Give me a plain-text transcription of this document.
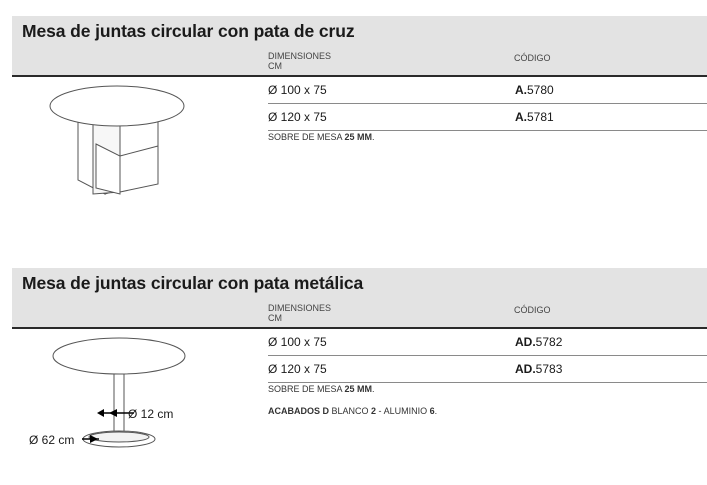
Mesa de juntas circular con pata de cruz
DIMENSIONES
CM
CÓDIGO
Ø 100 x 75	A.5780
Ø 120 x 75	A.5781
SOBRE DE MESA 25 MM.
Mesa de juntas circular con pata metálica
DIMENSIONES
CM
CÓDIGO
Ø 100 x 75	AD.5782
Ø 120 x 75	AD.5783
SOBRE DE MESA 25 MM.
ACABADOS D BLANCO 2 - ALUMINIO 6.
Ø 12 cm
Ø 62 cm
